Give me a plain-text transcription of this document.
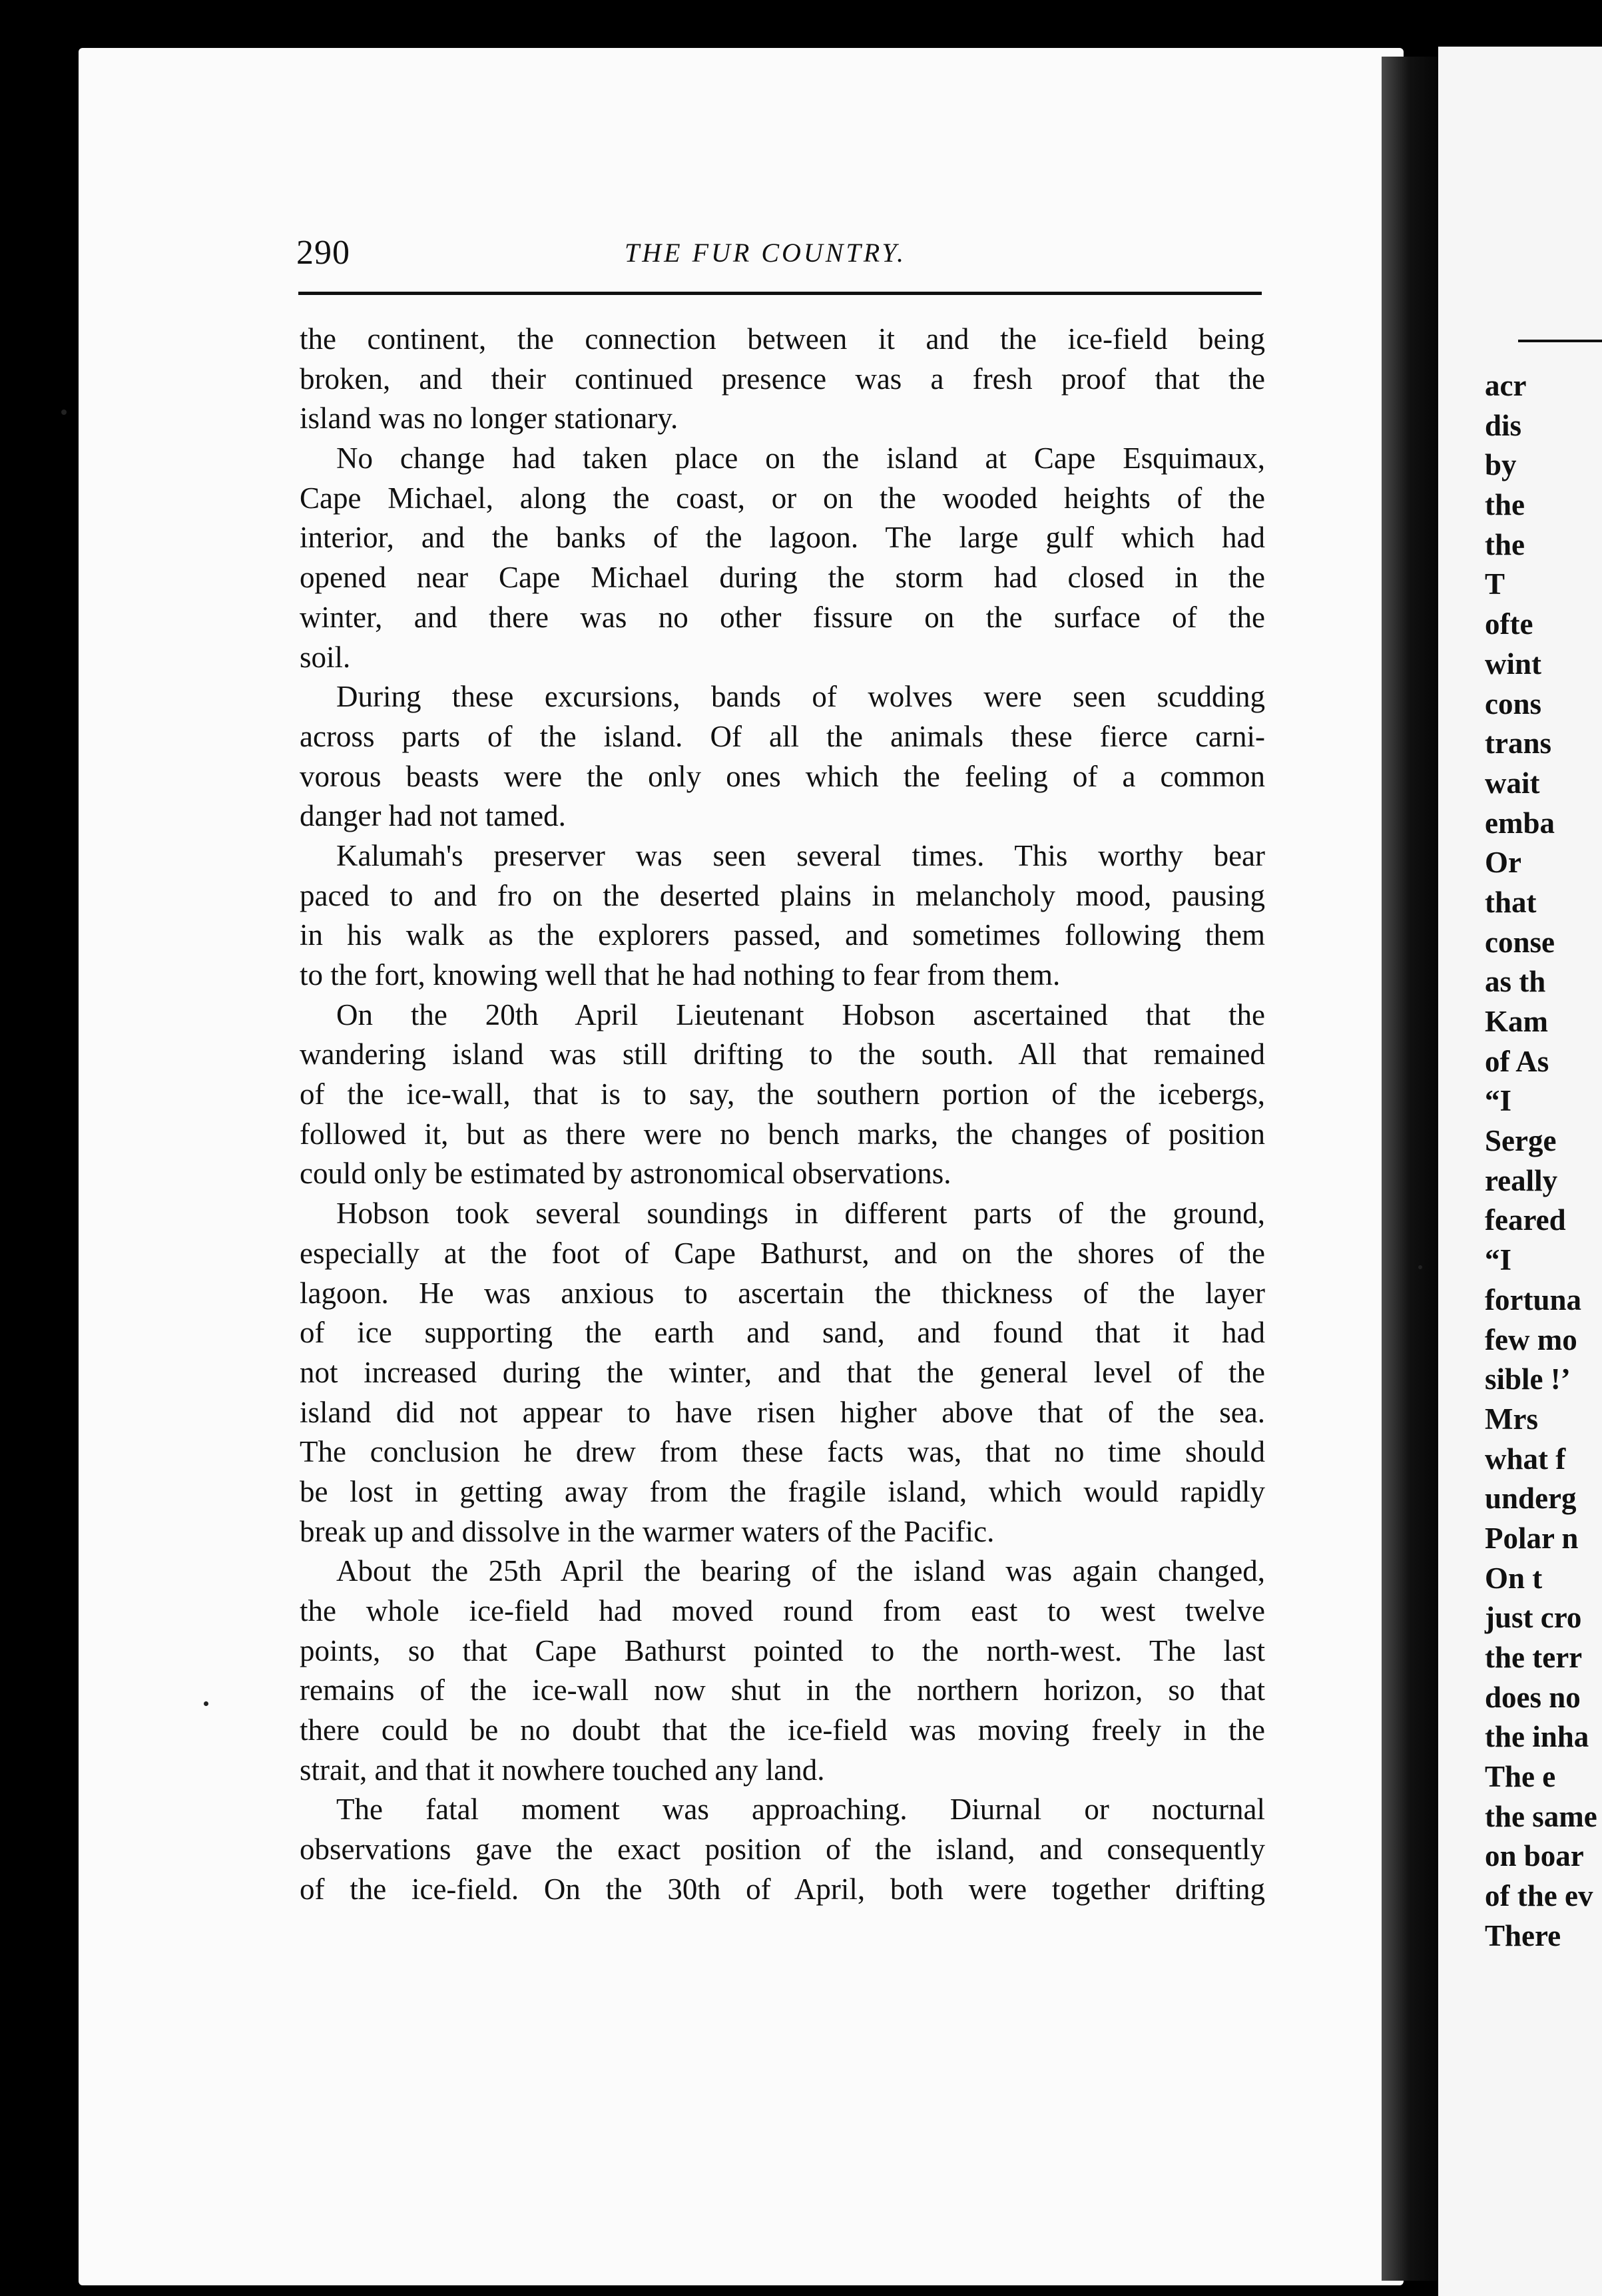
290	THE FUR COUNTRY.
the continent, the connection between it and the ice-field being
broken, and their continued presence was a fresh proof that the
island was no longer stationary.
No change had taken place on the island at Cape Esquimaux,
Cape Michael, along the coast, or on the wooded heights of the
interior, and the banks of the lagoon. The large gulf which had
opened near Cape Michael during the storm had closed in the
winter, and there was no other fissure on the surface of the
soil.
During these excursions, bands of wolves were seen scudding
across parts of the island. Of all the animals these fierce carni-
vorous beasts were the only ones which the feeling of a common
danger had not tamed.
Kalumah's preserver was seen several times. This worthy bear
paced to and fro on the deserted plains in melancholy mood, pausing
in his walk as the explorers passed, and sometimes following them
to the fort, knowing well that he had nothing to fear from them.
On the 20th April Lieutenant Hobson ascertained that the
wandering island was still drifting to the south. All that remained
of the ice-wall, that is to say, the southern portion of the icebergs,
followed it, but as there were no bench marks, the changes of position
could only be estimated by astronomical observations.
Hobson took several soundings in different parts of the ground,
especially at the foot of Cape Bathurst, and on the shores of the
lagoon. He was anxious to ascertain the thickness of the layer
of ice supporting the earth and sand, and found that it had
not increased during the winter, and that the general level of the
island did not appear to have risen higher above that of the sea.
The conclusion he drew from these facts was, that no time should
be lost in getting away from the fragile island, which would rapidly
break up and dissolve in the warmer waters of the Pacific.
About the 25th April the bearing of the island was again changed,
the whole ice-field had moved round from east to west twelve
points, so that Cape Bathurst pointed to the north-west. The last
remains of the ice-wall now shut in the northern horizon, so that
there could be no doubt that the ice-field was moving freely in the
strait, and that it nowhere touched any land.
The fatal moment was approaching. Diurnal or nocturnal
observations gave the exact position of the island, and consequently
of the ice-field. On the 30th of April, both were together drifting
acr
dis
by
the
the
T
ofte
wint
cons
trans
wait
emba
Or
that
conse
as th
Kam
of As
“I
Serge
really
feared
“I
fortuna
few mo
sible !’
Mrs
what f
underg
Polar n
On t
just cro
the terr
does no
the inha
The e
the same
on boar
of the ev
There
